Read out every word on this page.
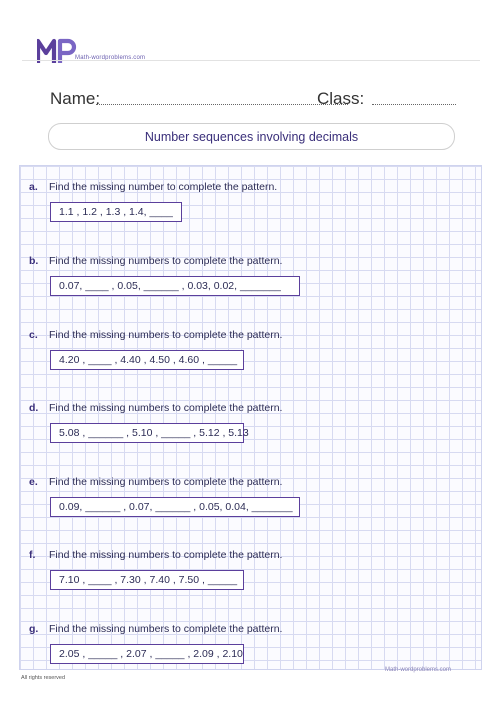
Math-wordproblems.com
Name:	Class:
Number sequences involving decimals
a. Find the missing number to complete the pattern.
1.1 , 1.2 , 1.3 , 1.4, ____
b. Find the missing numbers to complete the pattern.
0.07, ____ , 0.05, ______ , 0.03, 0.02, _______
c. Find the missing numbers to complete the pattern.
4.20 , ____ , 4.40 , 4.50 , 4.60 , _____
d. Find the missing numbers to complete the pattern.
5.08 , ______ , 5.10 , _____ , 5.12 , 5.13
e. Find the missing numbers to complete the pattern.
0.09, ______ , 0.07, ______ , 0.05, 0.04, _______
f. Find the missing numbers to complete the pattern.
7.10 , ____ , 7.30 , 7.40 , 7.50 , _____
g. Find the missing numbers to complete the pattern.
2.05 , _____ , 2.07 , _____ , 2.09 , 2.10
Math-wordproblems.com
All rights reserved
